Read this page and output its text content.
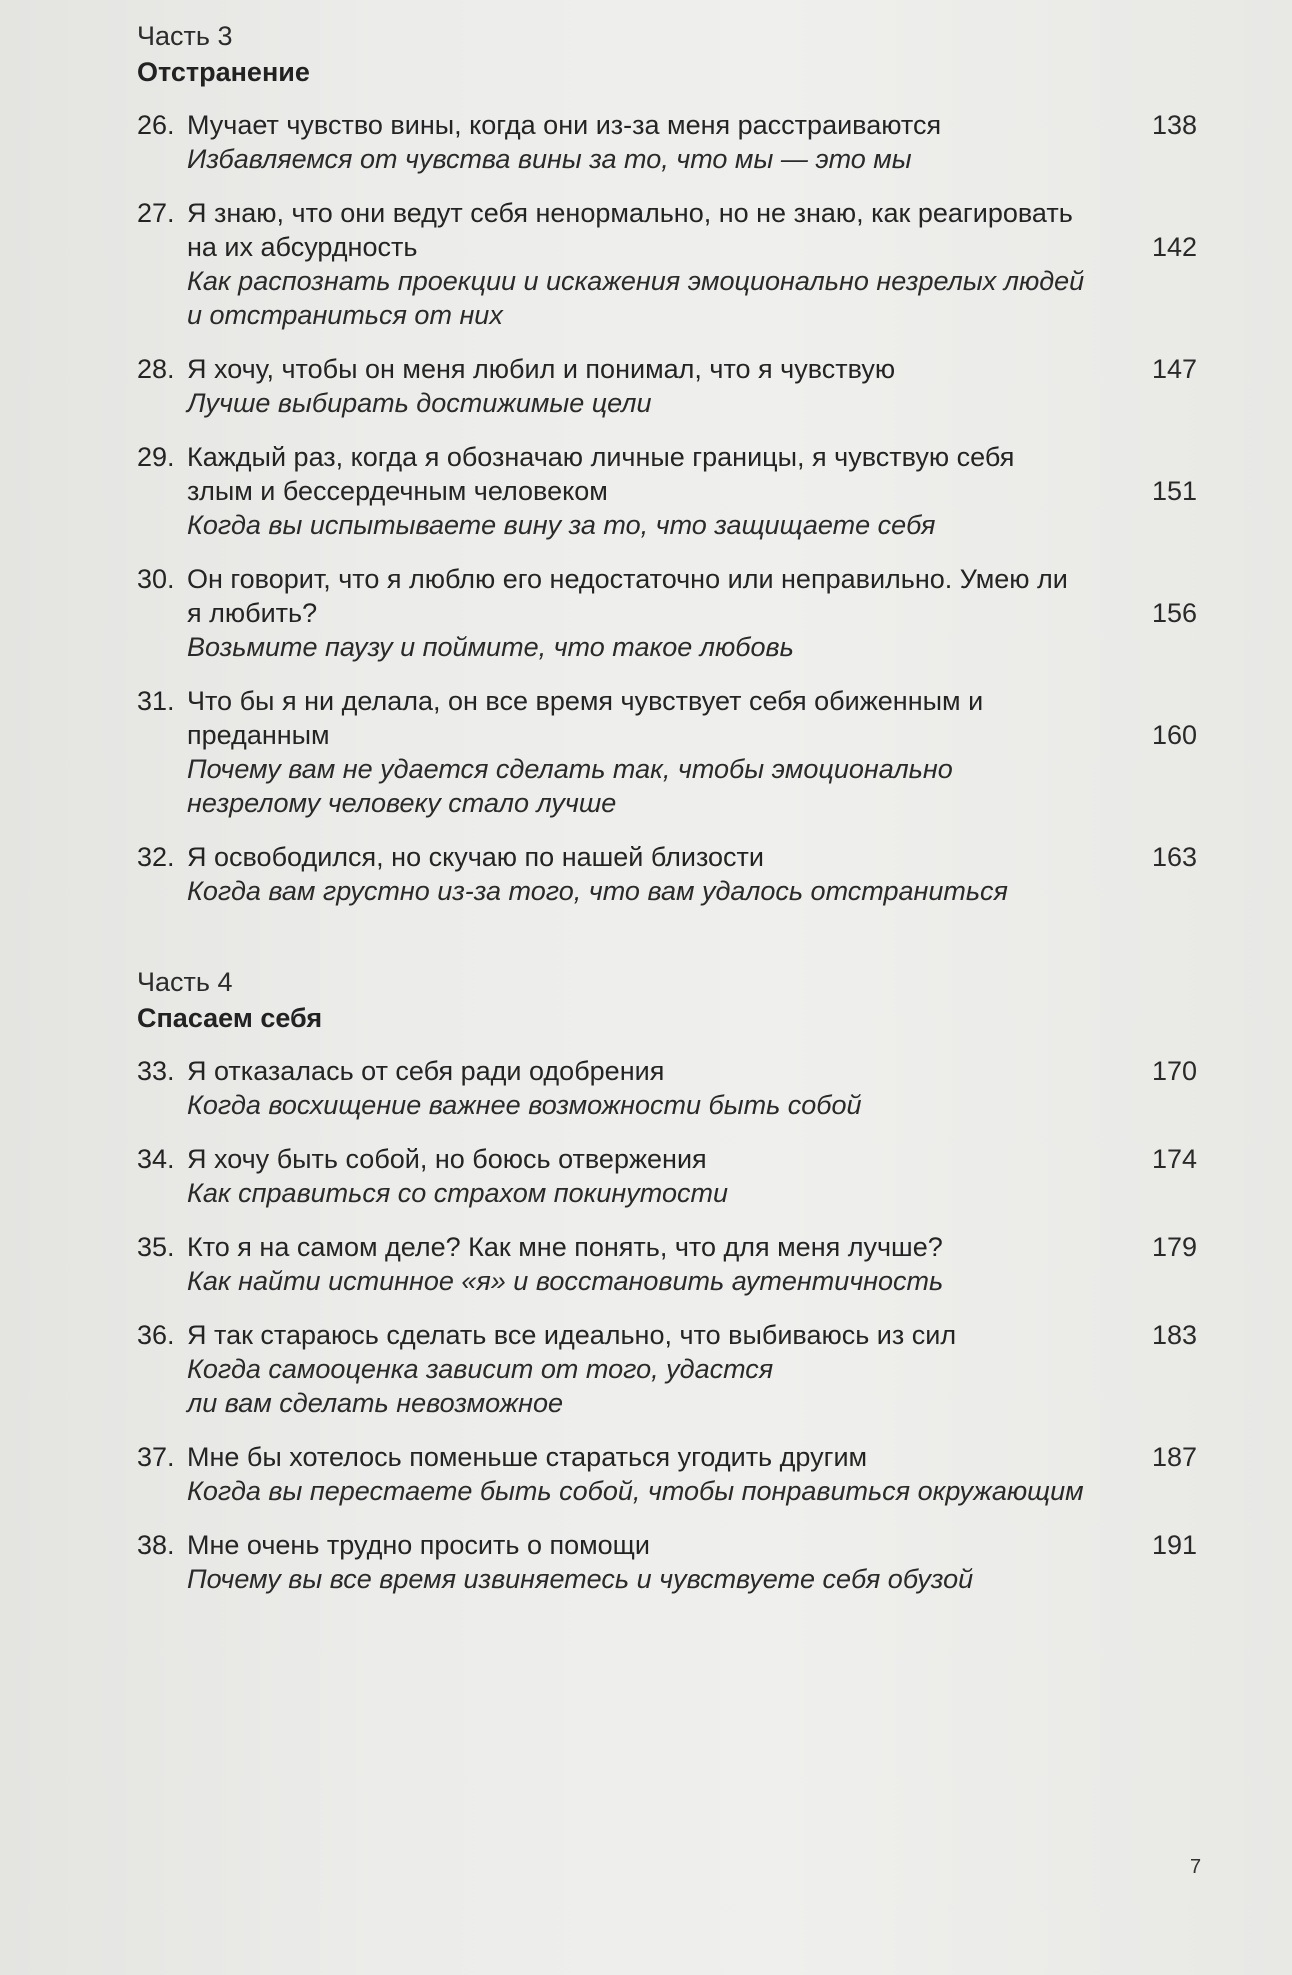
Часть 3
Отстранение
26. Мучает чувство вины, когда они из-за меня расстраиваются	138
Избавляемся от чувства вины за то, что мы — это мы
27. Я знаю, что они ведут себя ненормально, но не знаю, как реагировать на их абсурдность	142
Как распознать проекции и искажения эмоционально незрелых людей и отстраниться от них
28. Я хочу, чтобы он меня любил и понимал, что я чувствую	147
Лучше выбирать достижимые цели
29. Каждый раз, когда я обозначаю личные границы, я чувствую себя злым и бессердечным человеком	151
Когда вы испытываете вину за то, что защищаете себя
30. Он говорит, что я люблю его недостаточно или неправильно. Умею ли я любить?	156
Возьмите паузу и поймите, что такое любовь
31. Что бы я ни делала, он все время чувствует себя обиженным и преданным	160
Почему вам не удается сделать так, чтобы эмоционально незрелому человеку стало лучше
32. Я освободился, но скучаю по нашей близости	163
Когда вам грустно из-за того, что вам удалось отстраниться
Часть 4
Спасаем себя
33. Я отказалась от себя ради одобрения	170
Когда восхищение важнее возможности быть собой
34. Я хочу быть собой, но боюсь отвержения	174
Как справиться со страхом покинутости
35. Кто я на самом деле? Как мне понять, что для меня лучше?	179
Как найти истинное «я» и восстановить аутентичность
36. Я так стараюсь сделать все идеально, что выбиваюсь из сил	183
Когда самооценка зависит от того, удастся ли вам сделать невозможное
37. Мне бы хотелось поменьше стараться угодить другим	187
Когда вы перестаете быть собой, чтобы понравиться окружающим
38. Мне очень трудно просить о помощи	191
Почему вы все время извиняетесь и чувствуете себя обузой
7
